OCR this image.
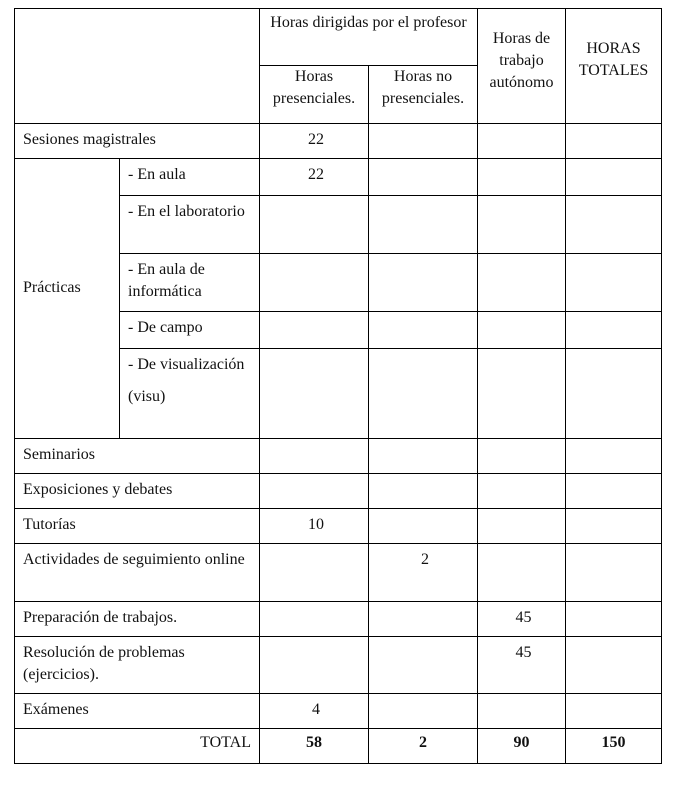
		Horas dirigidas por el profesor		Horas de trabajo autónomo	HORAS TOTALES
		Horas presenciales.	Horas no presenciales.		
Sesiones magistrales		22			
Prácticas	- En aula	22			
	- En el laboratorio				
	- En aula de informática				
	- De campo				

	- De visualización
(visu)				

Seminarios					
Exposiciones y debates					
Tutorías		10			
Actividades de seguimiento online			2		
Preparación de trabajos.				45	
Resolución de problemas (ejercicios).				45	
Exámenes		4			
TOTAL		58	2	90	150
